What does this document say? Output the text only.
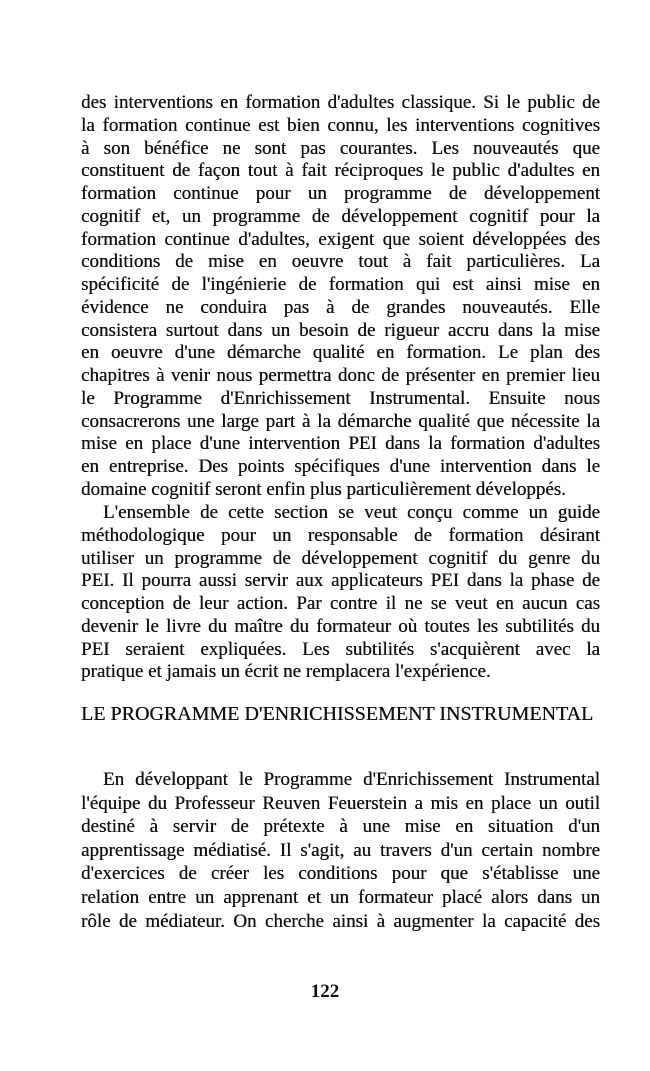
des interventions en formation d'adultes classique. Si le public de
la formation continue est bien connu, les interventions cognitives
à son bénéfice ne sont pas courantes. Les nouveautés que
constituent de façon tout à fait réciproques le public d'adultes en
formation continue pour un programme de développement
cognitif et, un programme de développement cognitif pour la
formation continue d'adultes, exigent que soient développées des
conditions de mise en oeuvre tout à fait particulières. La
spécificité de l'ingénierie de formation qui est ainsi mise en
évidence ne conduira pas à de grandes nouveautés. Elle
consistera surtout dans un besoin de rigueur accru dans la mise
en oeuvre d'une démarche qualité en formation. Le plan des
chapitres à venir nous permettra donc de présenter en premier lieu
le Programme d'Enrichissement Instrumental. Ensuite nous
consacrerons une large part à la démarche qualité que nécessite la
mise en place d'une intervention PEI dans la formation d'adultes
en entreprise. Des points spécifiques d'une intervention dans le
domaine cognitif seront enfin plus particulièrement développés.
L'ensemble de cette section se veut conçu comme un guide
méthodologique pour un responsable de formation désirant
utiliser un programme de développement cognitif du genre du
PEI. Il pourra aussi servir aux applicateurs PEI dans la phase de
conception de leur action. Par contre il ne se veut en aucun cas
devenir le livre du maître du formateur où toutes les subtilités du
PEI seraient expliquées. Les subtilités s'acquièrent avec la
pratique et jamais un écrit ne remplacera l'expérience.
LE PROGRAMME D'ENRICHISSEMENT INSTRUMENTAL
En développant le Programme d'Enrichissement Instrumental
l'équipe du Professeur Reuven Feuerstein a mis en place un outil
destiné à servir de prétexte à une mise en situation d'un
apprentissage médiatisé. Il s'agit, au travers d'un certain nombre
d'exercices de créer les conditions pour que s'établisse une
relation entre un apprenant et un formateur placé alors dans un
rôle de médiateur. On cherche ainsi à augmenter la capacité des
122
